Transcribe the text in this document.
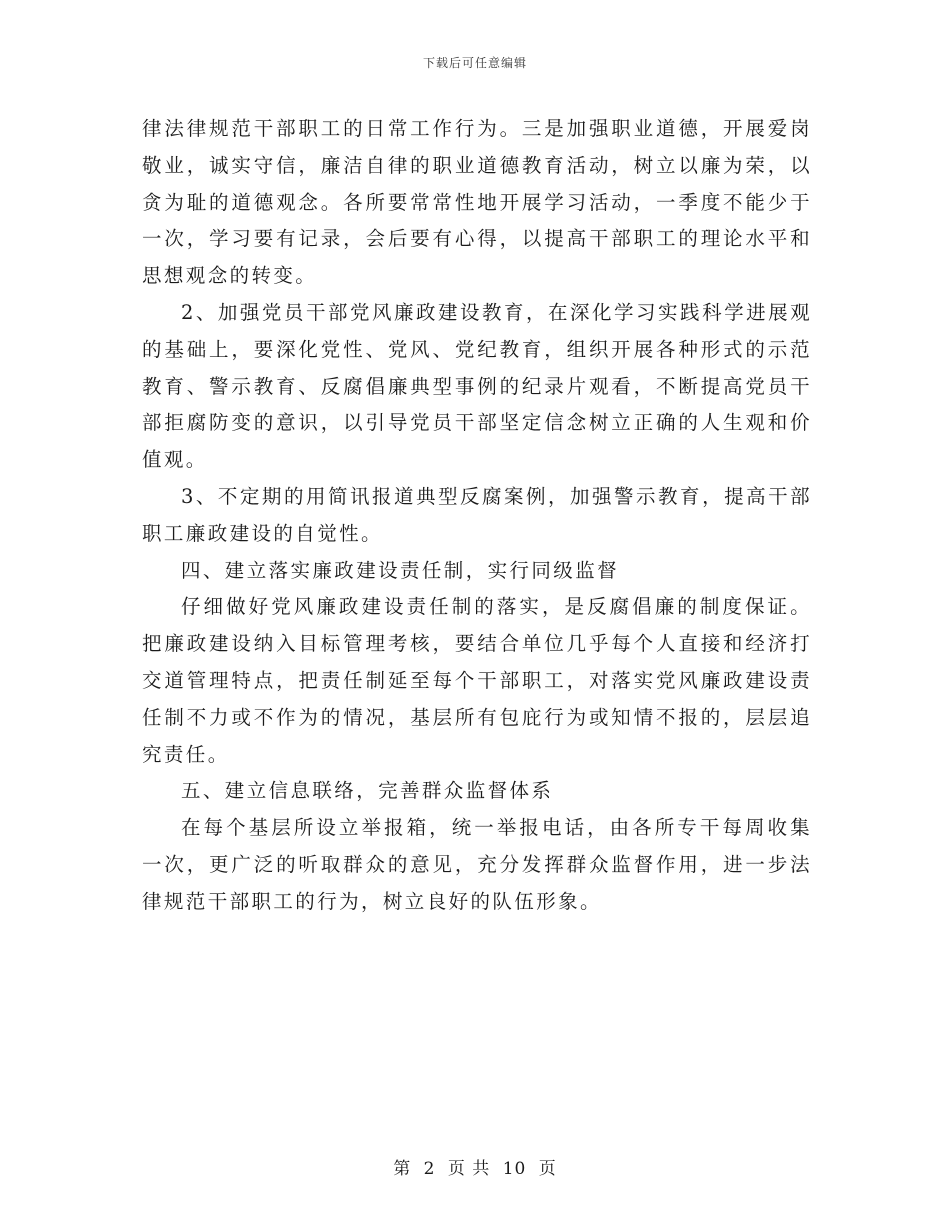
下载后可任意编辑

律法律规范干部职工的日常工作行为。三是加强职业道德，开展爱岗敬业，诚实守信，廉洁自律的职业道德教育活动，树立以廉为荣，以贪为耻的道德观念。各所要常常性地开展学习活动，一季度不能少于一次，学习要有记录，会后要有心得，以提高干部职工的理论水平和思想观念的转变。

2、加强党员干部党风廉政建设教育，在深化学习实践科学进展观的基础上，要深化党性、党风、党纪教育，组织开展各种形式的示范教育、警示教育、反腐倡廉典型事例的纪录片观看，不断提高党员干部拒腐防变的意识，以引导党员干部坚定信念树立正确的人生观和价值观。

3、不定期的用简讯报道典型反腐案例，加强警示教育，提高干部职工廉政建设的自觉性。

四、建立落实廉政建设责任制，实行同级监督

仔细做好党风廉政建设责任制的落实，是反腐倡廉的制度保证。把廉政建设纳入目标管理考核，要结合单位几乎每个人直接和经济打交道管理特点，把责任制延至每个干部职工，对落实党风廉政建设责任制不力或不作为的情况，基层所有包庇行为或知情不报的，层层追究责任。

五、建立信息联络，完善群众监督体系

在每个基层所设立举报箱，统一举报电话，由各所专干每周收集一次，更广泛的听取群众的意见，充分发挥群众监督作用，进一步法律规范干部职工的行为，树立良好的队伍形象。

第 2 页 共 10 页
